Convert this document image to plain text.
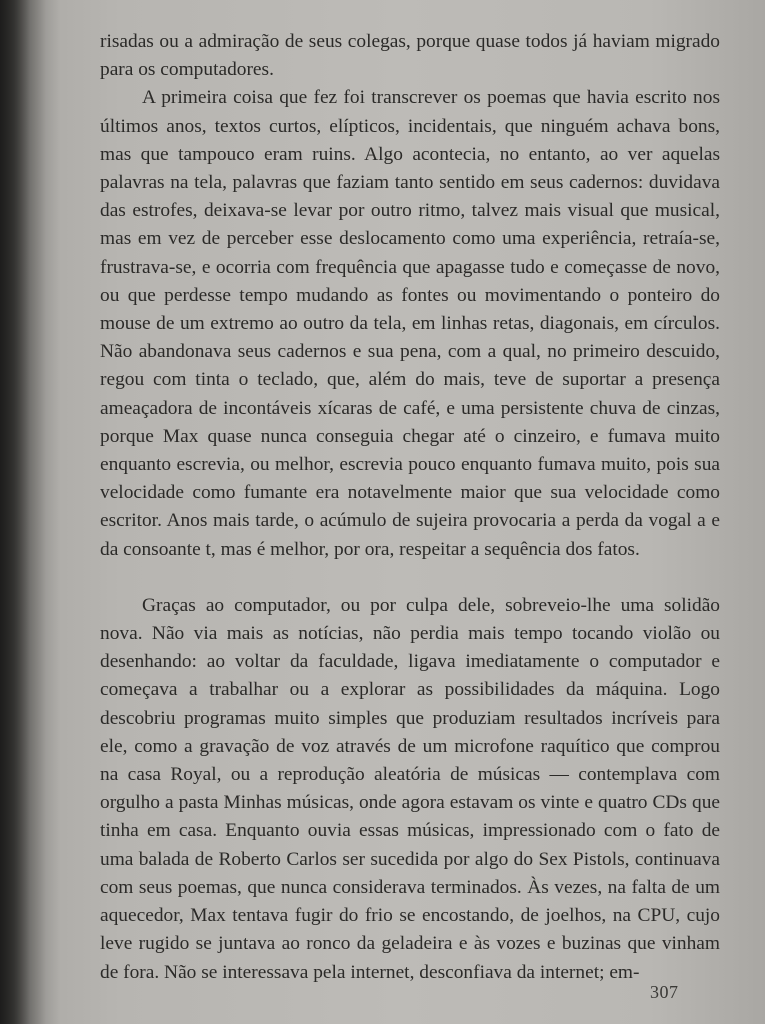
risadas ou a admiração de seus colegas, porque quase todos já haviam migrado para os computadores.

A primeira coisa que fez foi transcrever os poemas que havia escrito nos últimos anos, textos curtos, elípticos, incidentais, que ninguém achava bons, mas que tampouco eram ruins. Algo acontecia, no entanto, ao ver aquelas palavras na tela, palavras que faziam tanto sentido em seus cadernos: duvidava das estrofes, deixava-se levar por outro ritmo, talvez mais visual que musical, mas em vez de perceber esse deslocamento como uma experiência, retraía-se, frustrava-se, e ocorria com frequência que apagasse tudo e começasse de novo, ou que perdesse tempo mudando as fontes ou movimentando o ponteiro do mouse de um extremo ao outro da tela, em linhas retas, diagonais, em círculos. Não abandonava seus cadernos e sua pena, com a qual, no primeiro descuido, regou com tinta o teclado, que, além do mais, teve de suportar a presença ameaçadora de incontáveis xícaras de café, e uma persistente chuva de cinzas, porque Max quase nunca conseguia chegar até o cinzeiro, e fumava muito enquanto escrevia, ou melhor, escrevia pouco enquanto fumava muito, pois sua velocidade como fumante era notavelmente maior que sua velocidade como escritor. Anos mais tarde, o acúmulo de sujeira provocaria a perda da vogal a e da consoante t, mas é melhor, por ora, respeitar a sequência dos fatos.

Graças ao computador, ou por culpa dele, sobreveio-lhe uma solidão nova. Não via mais as notícias, não perdia mais tempo tocando violão ou desenhando: ao voltar da faculdade, ligava imediatamente o computador e começava a trabalhar ou a explorar as possibilidades da máquina. Logo descobriu programas muito simples que produziam resultados incríveis para ele, como a gravação de voz através de um microfone raquítico que comprou na casa Royal, ou a reprodução aleatória de músicas — contemplava com orgulho a pasta Minhas músicas, onde agora estavam os vinte e quatro CDs que tinha em casa. Enquanto ouvia essas músicas, impressionado com o fato de uma balada de Roberto Carlos ser sucedida por algo do Sex Pistols, continuava com seus poemas, que nunca considerava terminados. Às vezes, na falta de um aquecedor, Max tentava fugir do frio se encostando, de joelhos, na CPU, cujo leve rugido se juntava ao ronco da geladeira e às vozes e buzinas que vinham de fora. Não se interessava pela internet, desconfiava da internet; em-

307
